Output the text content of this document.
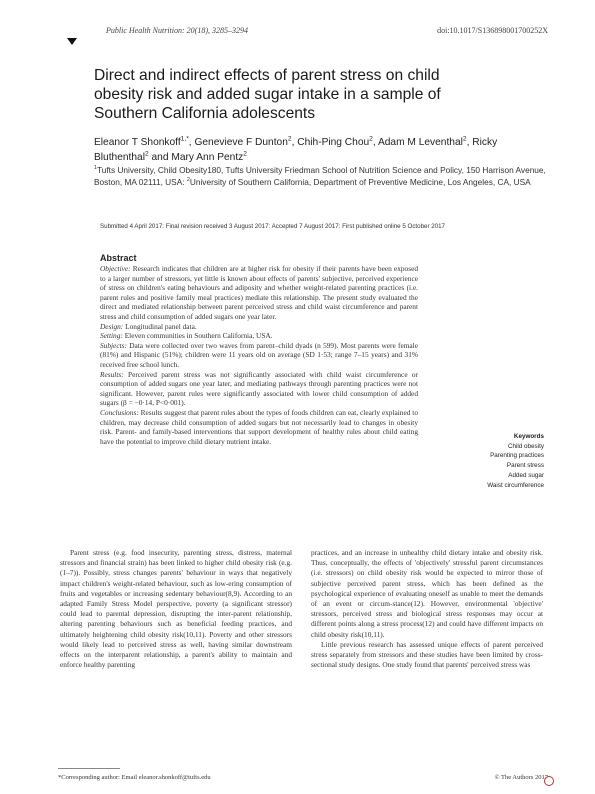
Public Health Nutrition: 20(18), 3285–3294	doi:10.1017/S136898001700252X
Direct and indirect effects of parent stress on child obesity risk and added sugar intake in a sample of Southern California adolescents
Eleanor T Shonkoff$^{1,*}$, Genevieve F Dunton$^2$, Chih-Ping Chou$^2$, Adam M Leventhal$^2$, Ricky Bluthenthal$^2$ and Mary Ann Pentz$^2$
$^1$Tufts University, Child Obesity180, Tufts University Friedman School of Nutrition Science and Policy, 150 Harrison Avenue, Boston, MA 02111, USA: $^2$University of Southern California, Department of Preventive Medicine, Los Angeles, CA, USA
Submitted 4 April 2017: Final revision received 3 August 2017: Accepted 7 August 2017: First published online 5 October 2017
Abstract

Objective: Research indicates that children are at higher risk for obesity if their parents have been exposed to a larger number of stressors, yet little is known about effects of parents' subjective, perceived experience of stress on children's eating behaviours and adiposity and whether weight-related parenting practices (i.e. parent rules and positive family meal practices) mediate this relationship. The present study evaluated the direct and mediated relationship between parent perceived stress and child waist circumference and parent stress and child consumption of added sugars one year later.

Design: Longitudinal panel data.

Setting: Eleven communities in Southern California, USA.

Subjects: Data were collected over two waves from parent–child dyads (n 599). Most parents were female (81%) and Hispanic (51%); children were 11 years old on average (SD 1·53; range 7–15 years) and 31% received free school lunch.

Results: Perceived parent stress was not significantly associated with child waist circumference or consumption of added sugars one year later, and mediating pathways through parenting practices were not significant. However, parent rules were significantly associated with lower child consumption of added sugars (β = −0·14, P<0·001).

Conclusions: Results suggest that parent rules about the types of foods children can eat, clearly explained to children, may decrease child consumption of added sugars but not necessarily lead to changes in obesity risk. Parent- and family-based interventions that support development of healthy rules about child eating have the potential to improve child dietary nutrient intake.

Keywords
Child obesity
Parenting practices
Parent stress
Added sugar
Waist circumference

Parent stress (e.g. food insecurity, parenting stress, distress, maternal stressors and financial strain) has been linked to higher child obesity risk (e.g. (1–7)). Possibly, stress changes parents' behaviour in ways that negatively impact children's weight-related behaviour, such as low-ering consumption of fruits and vegetables or increasing sedentary behaviour(8,9). According to an adapted Family Stress Model perspective, poverty (a significant stressor) could lead to parental depression, disrupting the inter-parent relationship, altering parenting behaviours such as beneficial feeding practices, and ultimately heightening child obesity risk(10,11). Poverty and other stressors would likely lead to perceived stress as well, having similar downstream effects on the interparent relationship, a parent's ability to maintain and enforce healthy parenting

practices, and an increase in unhealthy child dietary intake and obesity risk. Thus, conceptually, the effects of 'objectively' stressful parent circumstances (i.e. stressors) on child obesity risk would be expected to mirror those of subjective perceived parent stress, which has been defined as the psychological experience of evaluating oneself as unable to meet the demands of an event or circum-stance(12). However, environmental 'objective' stressors, perceived stress and biological stress responses may occur at different points along a stress process(12) and could have different impacts on child obesity risk(10,11).

Little previous research has assessed unique effects of parent perceived stress separately from stressors and these studies have been limited by cross-sectional study designs. One study found that parents' perceived stress was

*Corresponding author: Email eleanor.shonkoff@tufts.edu	© The Authors 2017
